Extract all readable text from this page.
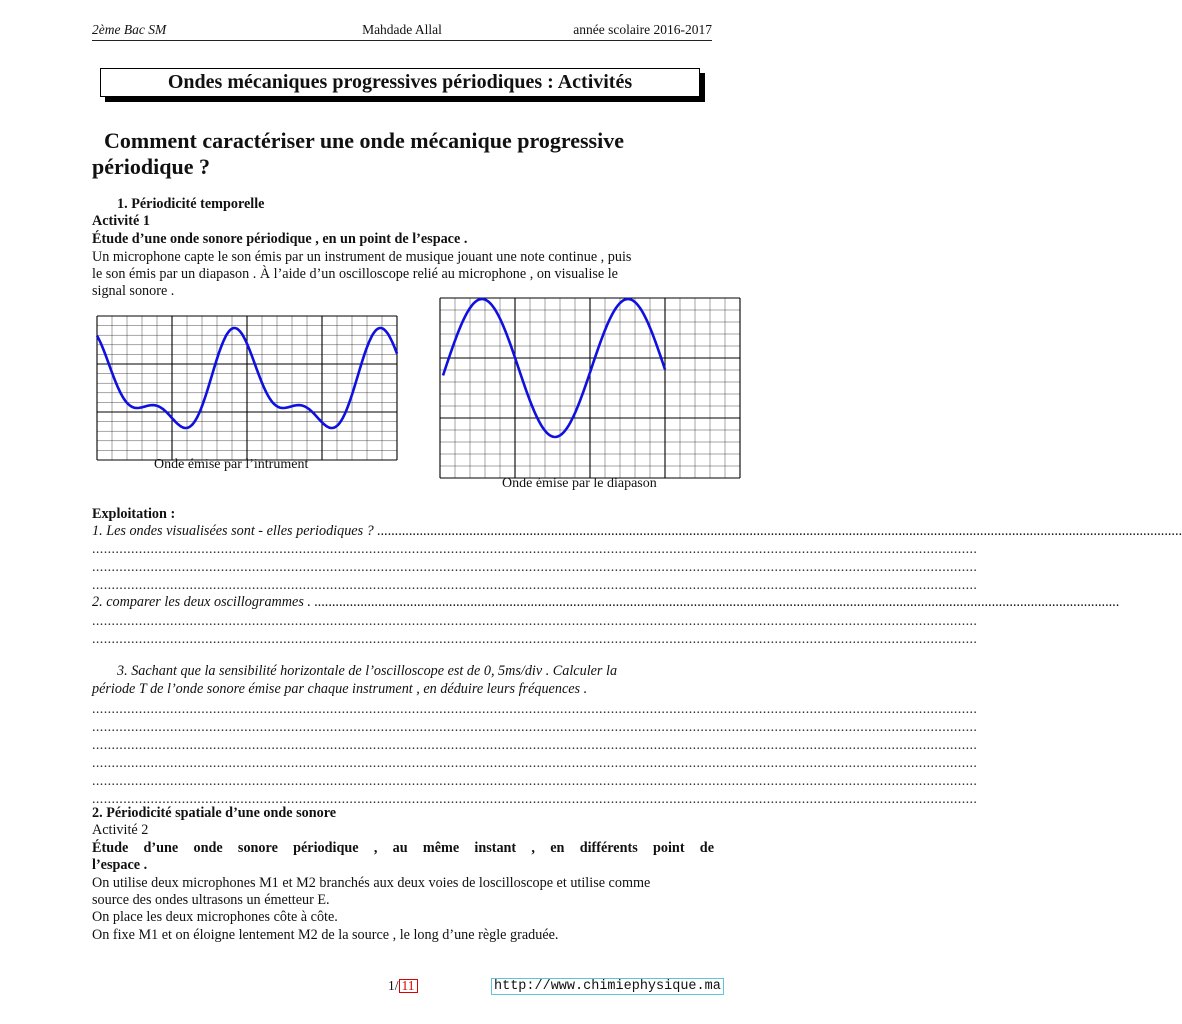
2ème Bac SM	Mahdade Allal	année scolaire 2016-2017
Ondes mécaniques progressives périodiques : Activités
Comment caractériser une onde mécanique progressive
périodique ?
1. Périodicité temporelle
Activité 1
Étude d’une onde sonore périodique , en un point de l’espace .
Un microphone capte le son émis par un instrument de musique jouant une note continue , puis
le son émis par un diapason . À l’aide d’un oscilloscope relié au microphone , on visualise le
signal sonore .
Onde émise par l’intrument
Onde émise par le diapason
Exploitation :
1. Les ondes visualisées sont - elles periodiques ? ...................................................................................................................................................................................................................................
...................................................................................................................................................................................................................................
...................................................................................................................................................................................................................................
...................................................................................................................................................................................................................................
2. comparer les deux oscillogrammes . ...................................................................................................................................................................................................................................
...................................................................................................................................................................................................................................
...................................................................................................................................................................................................................................
3. Sachant que la sensibilité horizontale de l’oscilloscope est de 0, 5ms/div . Calculer la
période T de l’onde sonore émise par chaque instrument , en déduire leurs fréquences .
...................................................................................................................................................................................................................................
...................................................................................................................................................................................................................................
...................................................................................................................................................................................................................................
...................................................................................................................................................................................................................................
...................................................................................................................................................................................................................................
...................................................................................................................................................................................................................................
2. Périodicité spatiale d’une onde sonore
Activité 2
Étude d’une onde sonore périodique , au même instant , en différents point de
l’espace .
On utilise deux microphones M1 et M2 branchés aux deux voies de loscilloscope et utilise comme
source des ondes ultrasons un émetteur E.
On place les deux microphones côte à côte.
On fixe M1 et on éloigne lentement M2 de la source , le long d’une règle graduée.
1/ 11	http://www.chimiephysique.ma
